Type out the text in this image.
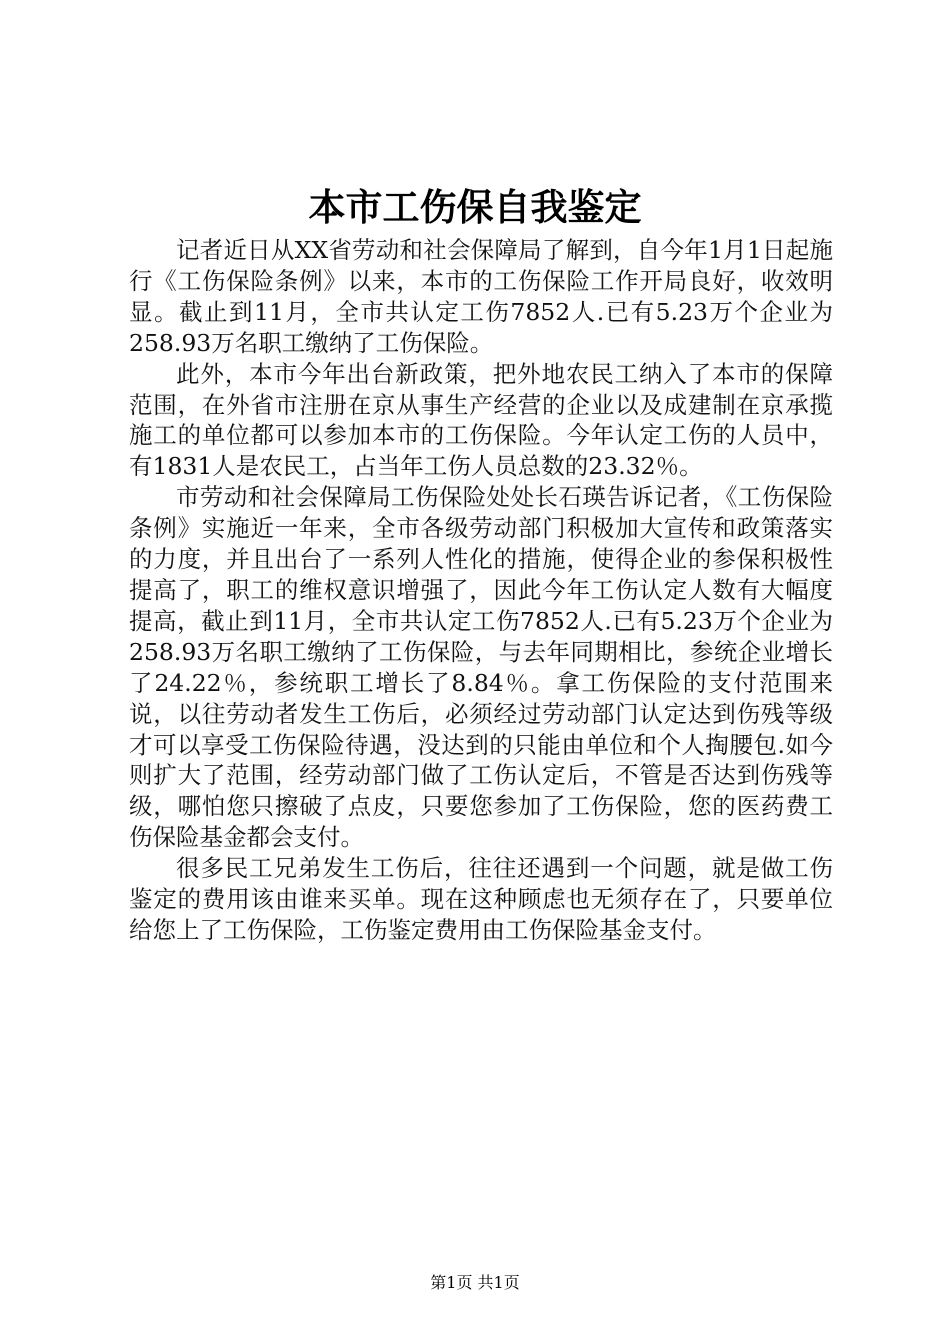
本市工伤保自我鉴定

记者近日从XX省劳动和社会保障局了解到，自今年1月1日起施行《工伤保险条例》以来，本市的工伤保险工作开局良好，收效明显。截止到11月，全市共认定工伤7852人.已有5.23万个企业为258.93万名职工缴纳了工伤保险。

此外，本市今年出台新政策，把外地农民工纳入了本市的保障范围，在外省市注册在京从事生产经营的企业以及成建制在京承揽施工的单位都可以参加本市的工伤保险。今年认定工伤的人员中，有1831人是农民工，占当年工伤人员总数的23.32％。

市劳动和社会保障局工伤保险处处长石瑛告诉记者，《工伤保险条例》实施近一年来，全市各级劳动部门积极加大宣传和政策落实的力度，并且出台了一系列人性化的措施，使得企业的参保积极性提高了，职工的维权意识增强了，因此今年工伤认定人数有大幅度提高，截止到11月，全市共认定工伤7852人.已有5.23万个企业为258.93万名职工缴纳了工伤保险，与去年同期相比，参统企业增长了24.22％，参统职工增长了8.84％。拿工伤保险的支付范围来说，以往劳动者发生工伤后，必须经过劳动部门认定达到伤残等级才可以享受工伤保险待遇，没达到的只能由单位和个人掏腰包.如今则扩大了范围，经劳动部门做了工伤认定后，不管是否达到伤残等级，哪怕您只擦破了点皮，只要您参加了工伤保险，您的医药费工伤保险基金都会支付。

很多民工兄弟发生工伤后，往往还遇到一个问题，就是做工伤鉴定的费用该由谁来买单。现在这种顾虑也无须存在了，只要单位给您上了工伤保险，工伤鉴定费用由工伤保险基金支付。

第1页 共1页
